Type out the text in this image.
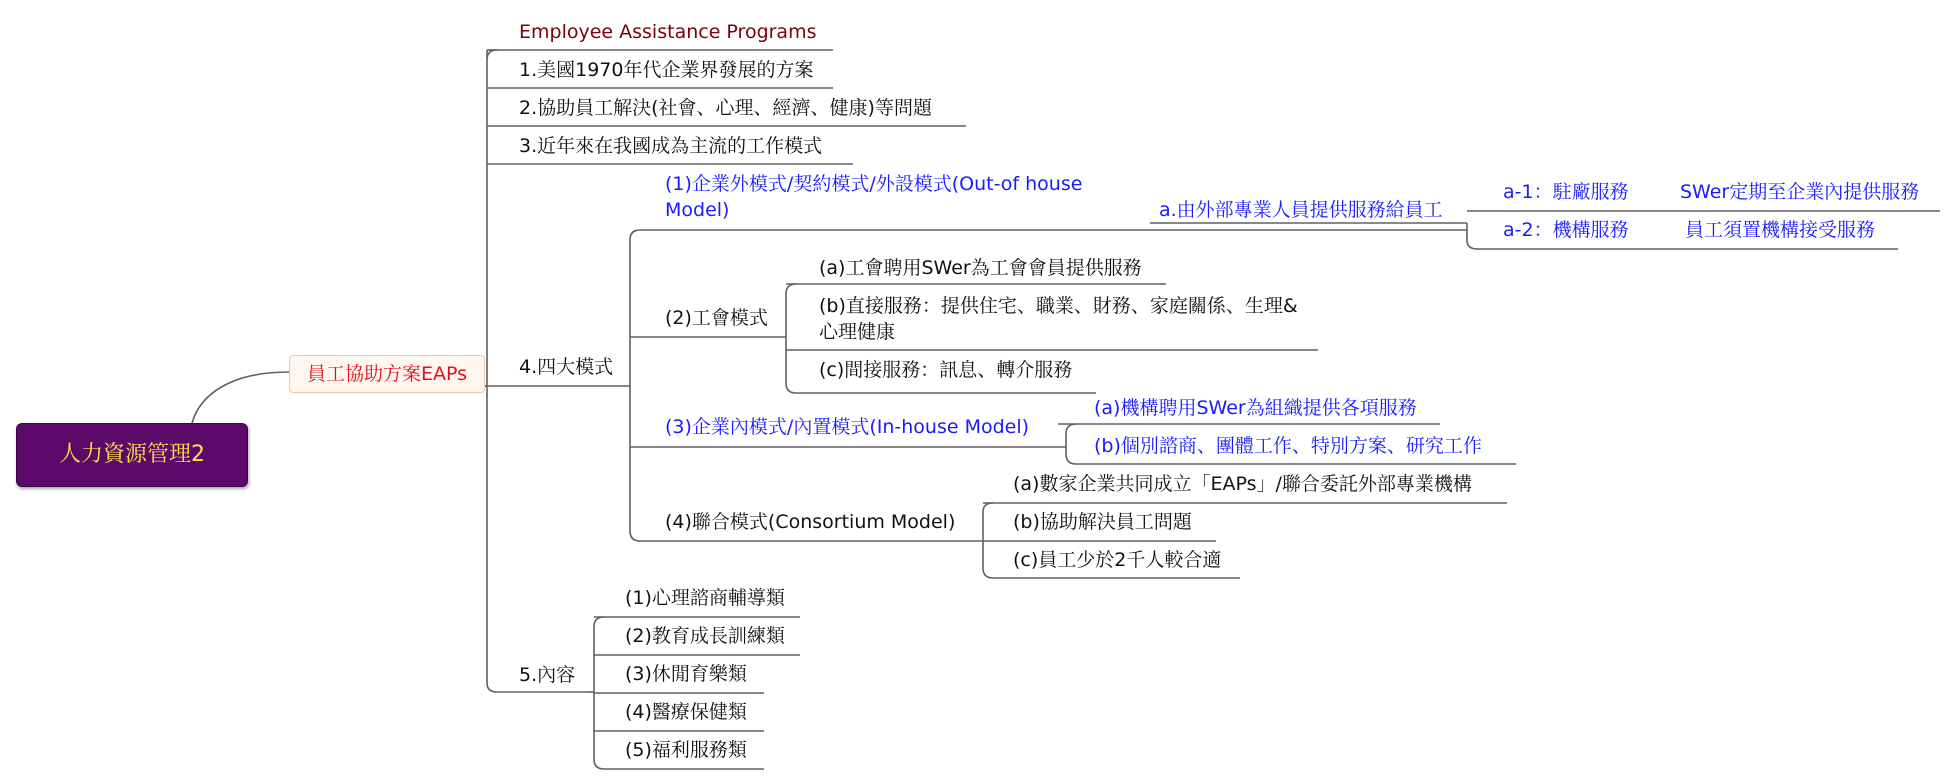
人力資源管理2
員工協助方案EAPs
Employee Assistance Programs
1.美國1970年代企業界發展的方案
2.協助員工解決(社會、心理、經濟、健康)等問題
3.近年來在我國成為主流的工作模式
4.四大模式
5.內容
(1)企業外模式/契約模式/外設模式(Out-of house Model)	a.由外部專業人員提供服務給員工
a-1：駐廠服務	SWer定期至企業內提供服務
a-2：機構服務	員工須置機構接受服務
(2)工會模式
(a)工會聘用SWer為工會會員提供服務
(b)直接服務：提供住宅、職業、財務、家庭關係、生理&心理健康
(c)間接服務：訊息、轉介服務
(3)企業內模式/內置模式(In-house Model)
(a)機構聘用SWer為組織提供各項服務
(b)個別諮商、團體工作、特別方案、研究工作
(4)聯合模式(Consortium Model)
(a)數家企業共同成立「EAPs」/聯合委託外部專業機構
(b)協助解決員工問題
(c)員工少於2千人較合適
(1)心理諮商輔導類
(2)教育成長訓練類
(3)休閒育樂類
(4)醫療保健類
(5)福利服務類
